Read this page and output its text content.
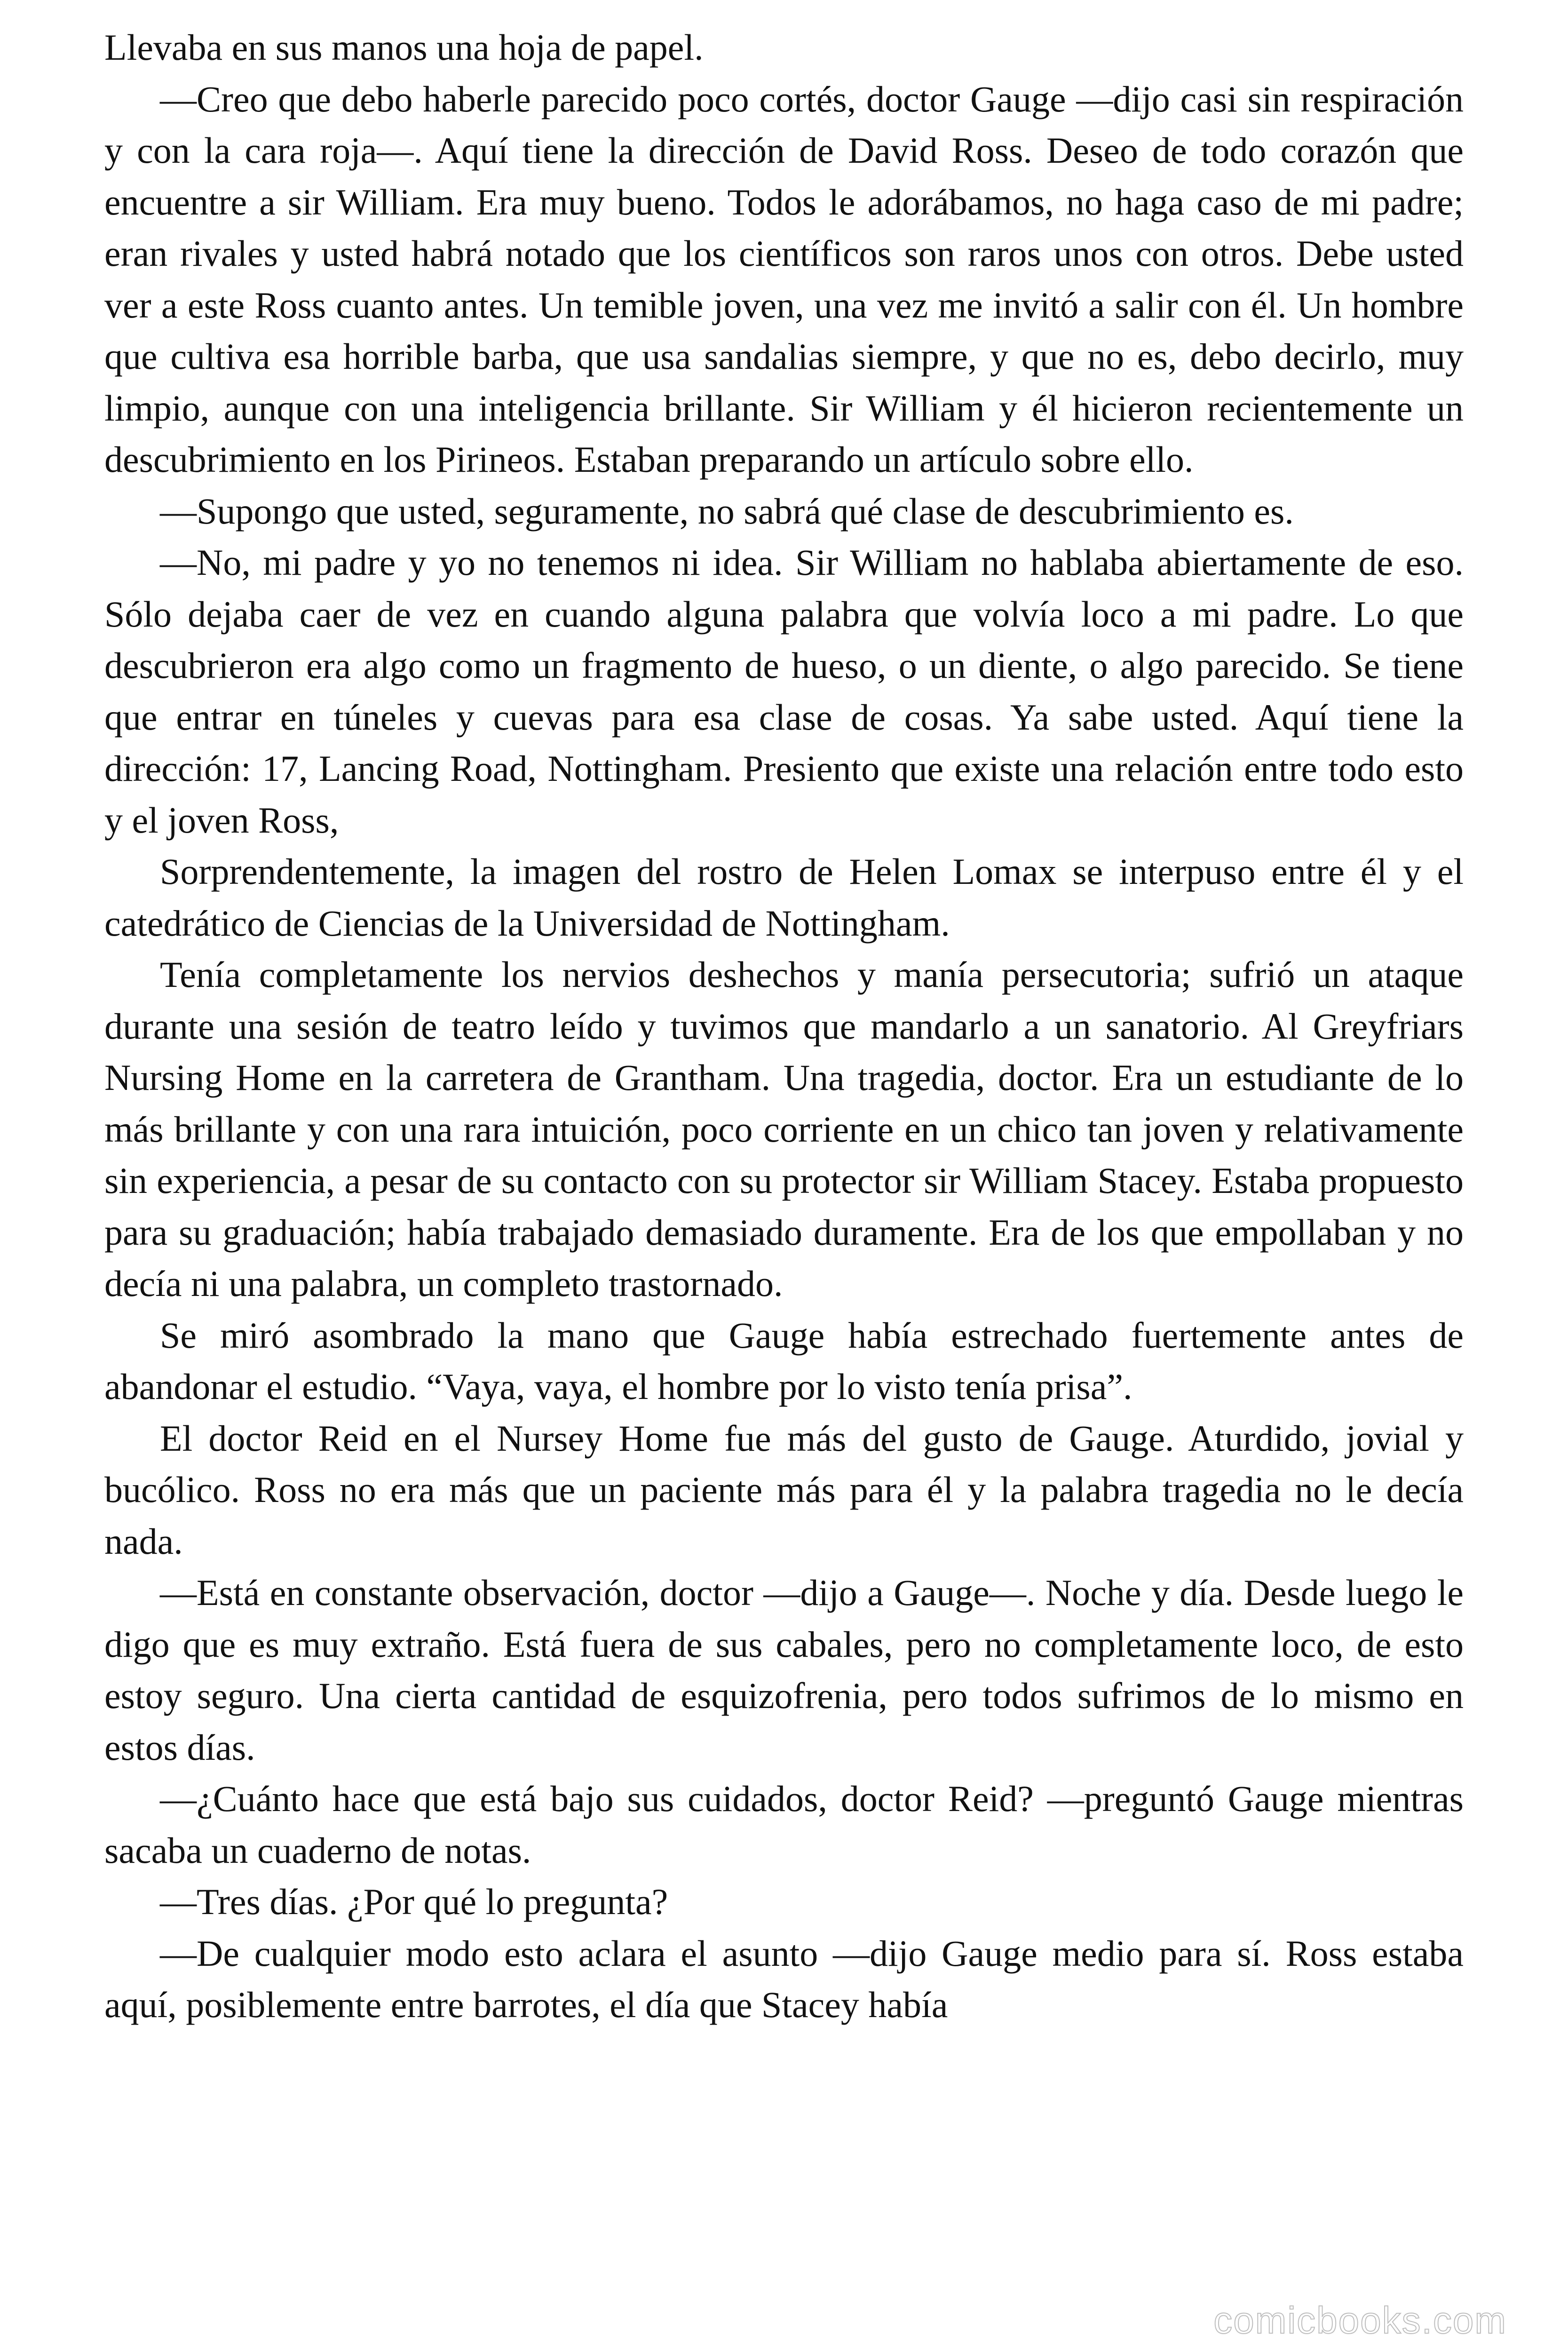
Llevaba en sus manos una hoja de papel.

—Creo que debo haberle parecido poco cortés, doctor Gauge —dijo casi sin respiración y con la cara roja—. Aquí tiene la dirección de David Ross. Deseo de todo corazón que encuentre a sir William. Era muy bueno. Todos le adorábamos, no haga caso de mi padre; eran rivales y usted habrá notado que los científicos son raros unos con otros. Debe usted ver a este Ross cuanto antes. Un temible joven, una vez me invitó a salir con él. Un hombre que cultiva esa horrible barba, que usa sandalias siempre, y que no es, debo decirlo, muy limpio, aunque con una inteligencia brillante. Sir William y él hicieron recientemente un descubrimiento en los Pirineos. Estaban preparando un artículo sobre ello.

—Supongo que usted, seguramente, no sabrá qué clase de descubrimiento es.

—No, mi padre y yo no tenemos ni idea. Sir William no hablaba abiertamente de eso. Sólo dejaba caer de vez en cuando alguna palabra que volvía loco a mi padre. Lo que descubrieron era algo como un fragmento de hueso, o un diente, o algo parecido. Se tiene que entrar en túneles y cuevas para esa clase de cosas. Ya sabe usted. Aquí tiene la dirección: 17, Lancing Road, Nottingham. Presiento que existe una relación entre todo esto y el joven Ross,

Sorprendentemente, la imagen del rostro de Helen Lomax se interpuso entre él y el catedrático de Ciencias de la Universidad de Nottingham.

Tenía completamente los nervios deshechos y manía persecutoria; sufrió un ataque durante una sesión de teatro leído y tuvimos que mandarlo a un sanatorio. Al Greyfriars Nursing Home en la carretera de Grantham. Una tragedia, doctor. Era un estudiante de lo más brillante y con una rara intuición, poco corriente en un chico tan joven y relativamente sin experiencia, a pesar de su contacto con su protector sir William Stacey. Estaba propuesto para su graduación; había trabajado demasiado duramente. Era de los que empollaban y no decía ni una palabra, un completo trastornado.

Se miró asombrado la mano que Gauge había estrechado fuertemente antes de abandonar el estudio. “Vaya, vaya, el hombre por lo visto tenía prisa”.

El doctor Reid en el Nursey Home fue más del gusto de Gauge. Aturdido, jovial y bucólico. Ross no era más que un paciente más para él y la palabra tragedia no le decía nada.

—Está en constante observación, doctor —dijo a Gauge—. Noche y día. Desde luego le digo que es muy extraño. Está fuera de sus cabales, pero no completamente loco, de esto estoy seguro. Una cierta cantidad de esquizofrenia, pero todos sufrimos de lo mismo en estos días.

—¿Cuánto hace que está bajo sus cuidados, doctor Reid? —preguntó Gauge mientras sacaba un cuaderno de notas.

—Tres días. ¿Por qué lo pregunta?

—De cualquier modo esto aclara el asunto —dijo Gauge medio para sí. Ross estaba aquí, posiblemente entre barrotes, el día que Stacey había

comicbooks.com
